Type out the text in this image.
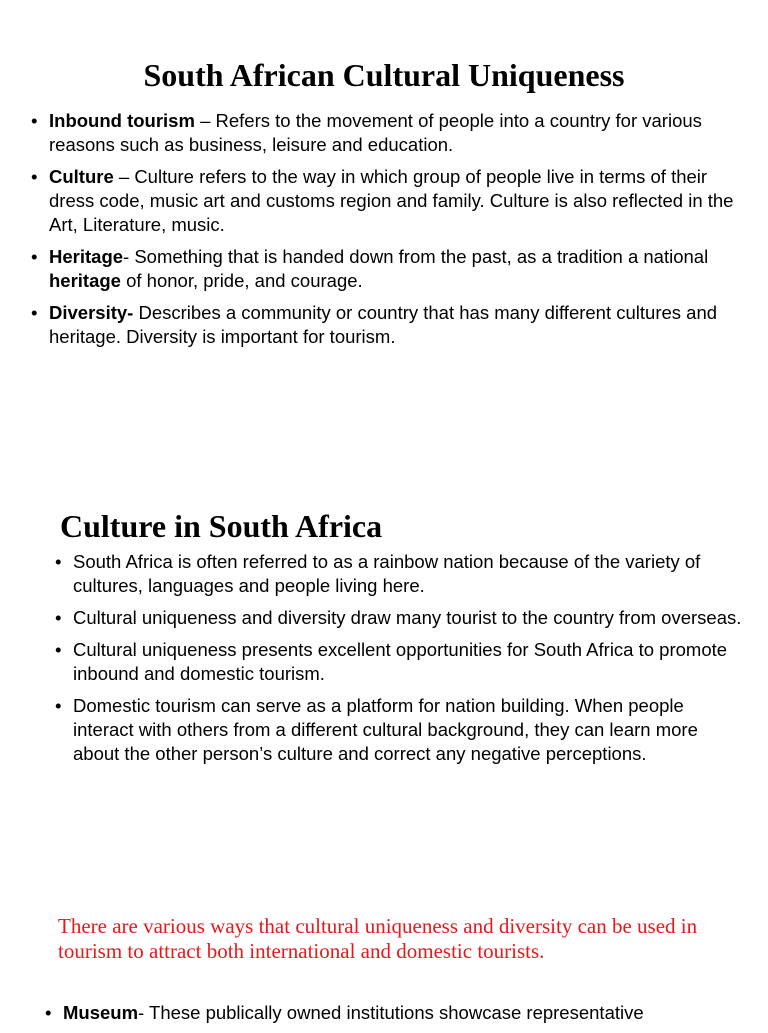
South African Cultural Uniqueness
• Inbound tourism – Refers to the movement of people into a country for various reasons such as business, leisure and education.
• Culture – Culture refers to the way in which group of people live in terms of their dress code, music art and customs region and family. Culture is also reflected in the Art, Literature, music.
• Heritage- Something that is handed down from the past, as a tradition a national heritage of honor, pride, and courage.
• Diversity- Describes a community or country that has many different cultures and heritage. Diversity is important for tourism.
Culture in South Africa
• South Africa is often referred to as a rainbow nation because of the variety of cultures, languages and people living here.
• Cultural uniqueness and diversity draw many tourist to the country from overseas.
• Cultural uniqueness presents excellent opportunities for South Africa to promote inbound and domestic tourism.
• Domestic tourism can serve as a platform for nation building. When people interact with others from a different cultural background, they can learn more about the other person’s culture and correct any negative perceptions.

There are various ways that cultural uniqueness and diversity can be used in tourism to attract both international and domestic tourists.

• Museum- These publically owned institutions showcase representative
